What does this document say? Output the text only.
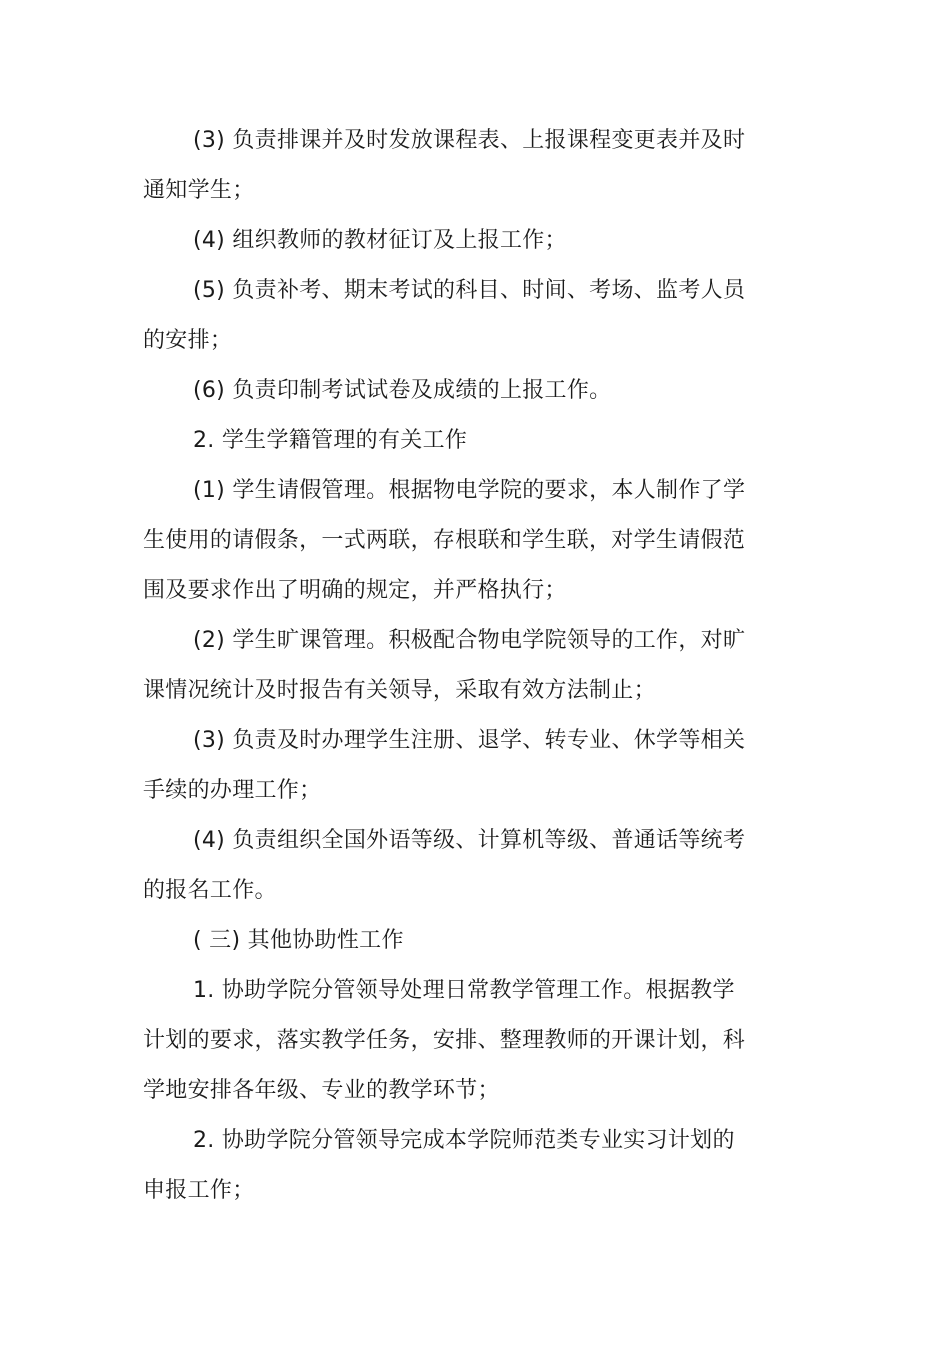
(3) 负责排课并及时发放课程表、上报课程变更表并及时通知学生；

(4) 组织教师的教材征订及上报工作；

(5) 负责补考、期末考试的科目、时间、考场、监考人员的安排；

(6) 负责印制考试试卷及成绩的上报工作。

2. 学生学籍管理的有关工作

(1) 学生请假管理。根据物电学院的要求，本人制作了学生使用的请假条，一式两联，存根联和学生联，对学生请假范围及要求作出了明确的规定，并严格执行；

(2) 学生旷课管理。积极配合物电学院领导的工作，对旷课情况统计及时报告有关领导，采取有效方法制止；

(3) 负责及时办理学生注册、退学、转专业、休学等相关手续的办理工作；

(4) 负责组织全国外语等级、计算机等级、普通话等统考的报名工作。

( 三) 其他协助性工作

1. 协助学院分管领导处理日常教学管理工作。根据教学计划的要求，落实教学任务，安排、整理教师的开课计划，科学地安排各年级、专业的教学环节；

2. 协助学院分管领导完成本学院师范类专业实习计划的申报工作；
